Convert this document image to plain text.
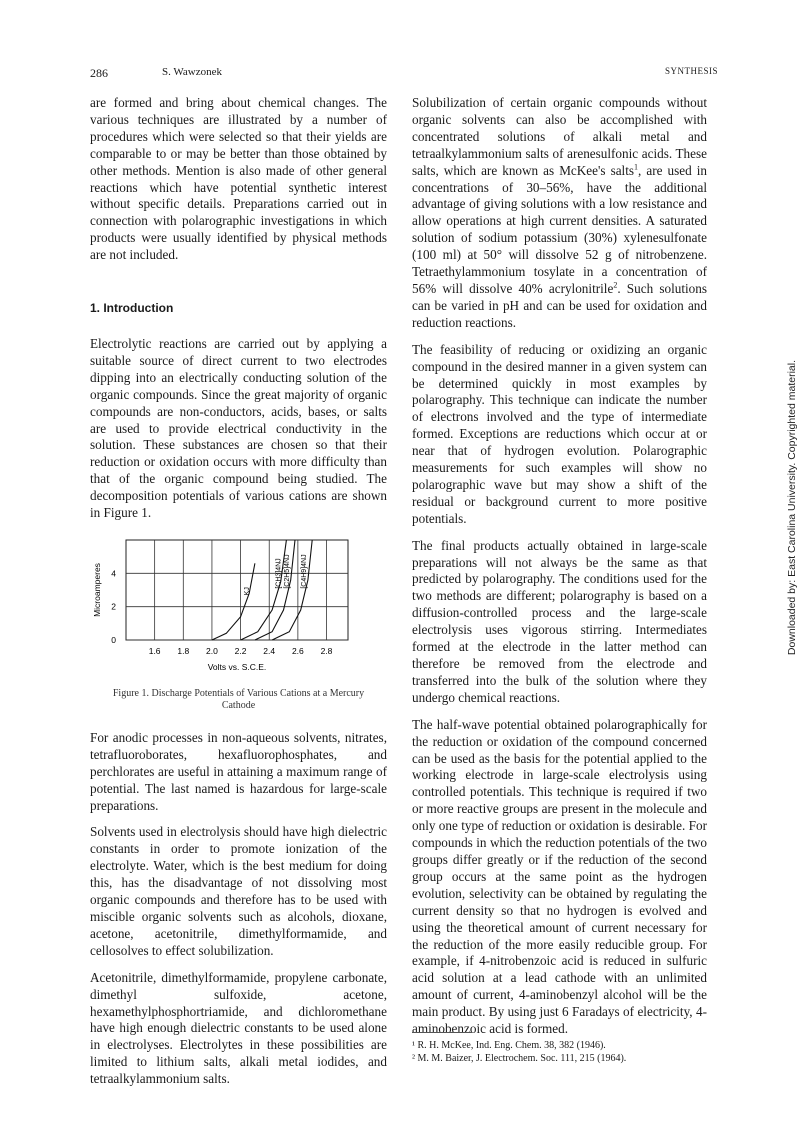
286	S. Wawzonek	SYNTHESIS

are formed and bring about chemical changes. The various techniques are illustrated by a number of procedures which were selected so that their yields are comparable to or may be better than those obtained by other methods. Mention is also made of other general reactions which have potential synthetic interest without specific details. Preparations carried out in connection with polarographic investigations in which products were usually identified by physical methods are not included.

1. Introduction

Electrolytic reactions are carried out by applying a suitable source of direct current to two electrodes dipping into an electrically conducting solution of the organic compounds. Since the great majority of organic compounds are non-conductors, acids, bases, or salts are used to provide electrical conductivity in the solution. These substances are chosen so that their reduction or oxidation occurs with more difficulty than that of the organic compound being studied. The decomposition potentials of various cations are shown in Figure 1.

1.6 1.8 2.0 2.2 2.4 2.6 2.8
0
2
4
Volts vs. S.C.E.
Microamperes	KJ
[CH3]4NJ [C2H5]4NJ [C4H9]4NJ
Figure 1. Discharge Potentials of Various Cations at a Mercury Cathode

For anodic processes in non-aqueous solvents, nitrates, tetrafluoroborates, hexafluorophosphates, and perchlorates are useful in attaining a maximum range of potential. The last named is hazardous for large-scale preparations.

Solvents used in electrolysis should have high dielectric constants in order to promote ionization of the electrolyte. Water, which is the best medium for doing this, has the disadvantage of not dissolving most organic compounds and therefore has to be used with miscible organic solvents such as alcohols, dioxane, acetone, acetonitrile, dimethylformamide, and cellosolves to effect solubilization.

Acetonitrile, dimethylformamide, propylene carbonate, dimethyl sulfoxide, acetone, hexamethylphosphortriamide, and dichloromethane have high enough dielectric constants to be used alone in electrolyses. Electrolytes in these possibilities are limited to lithium salts, alkali metal iodides, and tetraalkylammonium salts.

Solubilization of certain organic compounds without organic solvents can also be accomplished with concentrated solutions of alkali metal and tetraalkylammonium salts of arenesulfonic acids. These salts, which are known as McKee's salts$^1$, are used in concentrations of 30–56%, have the additional advantage of giving solutions with a low resistance and allow operations at high current densities. A saturated solution of sodium potassium (30%) xylenesulfonate (100 ml) at 50° will dissolve 52 g of nitrobenzene. Tetraethylammonium tosylate in a concentration of 56% will dissolve 40% acrylonitrile$^2$. Such solutions can be varied in pH and can be used for oxidation and reduction reactions.

The feasibility of reducing or oxidizing an organic compound in the desired manner in a given system can be determined quickly in most examples by polarography. This technique can indicate the number of electrons involved and the type of intermediate formed. Exceptions are reductions which occur at or near that of hydrogen evolution. Polarographic measurements for such examples will show no polarographic wave but may show a shift of the residual or background current to more positive potentials.

The final products actually obtained in large-scale preparations will not always be the same as that predicted by polarography. The conditions used for the two methods are different; polarography is based on a diffusion-controlled process and the large-scale electrolysis uses vigorous stirring. Intermediates formed at the electrode in the latter method can therefore be removed from the electrode and transferred into the bulk of the solution where they undergo chemical reactions.

The half-wave potential obtained polarographically for the reduction or oxidation of the compound concerned can be used as the basis for the potential applied to the working electrode in large-scale electrolysis using controlled potentials. This technique is required if two or more reactive groups are present in the molecule and only one type of reduction or oxidation is desirable. For compounds in which the reduction potentials of the two groups differ greatly or if the reduction of the second group occurs at the same point as the hydrogen evolution, selectivity can be obtained by regulating the current density so that no hydrogen is evolved and using the theoretical amount of current necessary for the reduction of the more easily reducible group. For example, if 4-nitrobenzoic acid is reduced in sulfuric acid solution at a lead cathode with an unlimited amount of current, 4-aminobenzyl alcohol will be the main product. By using just 6 Faradays of electricity, 4-aminobenzoic acid is formed.

¹ R. H. McKee, Ind. Eng. Chem. 38, 382 (1946).
² M. M. Baizer, J. Electrochem. Soc. 111, 215 (1964).
Downloaded by: East Carolina University. Copyrighted material.
